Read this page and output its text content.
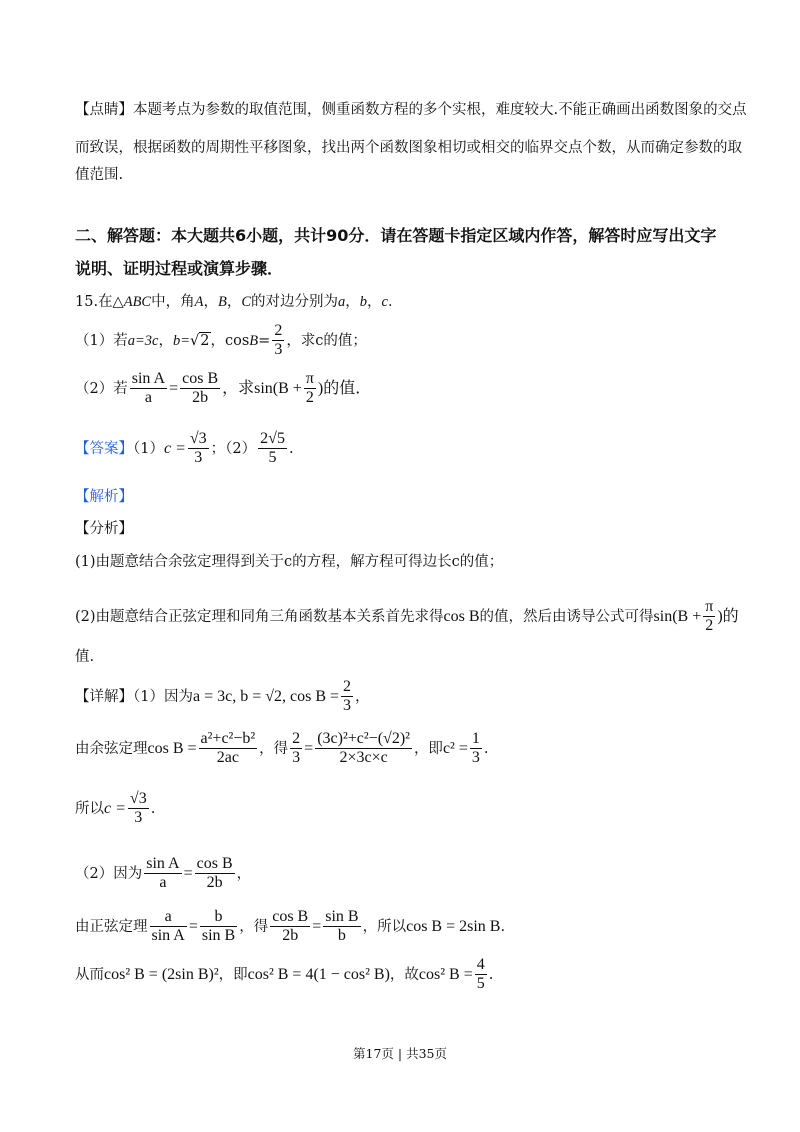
【点睛】本题考点为参数的取值范围，侧重函数方程的多个实根，难度较大.不能正确画出函数图象的交点
而致误，根据函数的周期性平移图象，找出两个函数图象相切或相交的临界交点个数，从而确定参数的取
值范围.
二、解答题：本大题共6小题，共计90分．请在答题卡指定区域内作答，解答时应写出文字
说明、证明过程或演算步骤．
15.在△ABC中，角A，B，C的对边分别为a，b，c．
（1）若a=3c，b=√2，$\cos B= \frac{2}{3}$ ，求c的值；
（2）若 $\frac{\text{sin A}}{a} = \frac{\text{cos B}}{2b}$ ，求$\sin(B + \frac{\pi}{2}$ )的值．
【答案】$(1)c = \frac{√3}{3}$ ；$(2) \frac{2√5}{5}$ .
【解析】
【分析】
(1)由题意结合余弦定理得到关于c的方程，解方程可得边长c的值；
(2)由题意结合正弦定理和同角三角函数基本关系首先求得cos B的值，然后由诱导公式可得$\sin(B + \frac{\pi}{2}$ )的
值.
【详解】（1）因为a = 3c, b = √2, $\cos B = \frac{2}{3}$ ，
由余弦定理$\cos B = \frac{\text{a²+c²−b²}}{2ac}$ ，得 $\frac{2}{3} = \frac{\text{(3c)²+c²−(√2)²}}{2\times 3c\times c}$ ，即$c^2 = \frac{1}{3}$ .
所以$c = \frac{√3}{3}$ .
（2）因为 $\frac{\text{sin A}}{a} = \frac{\text{cos B}}{2b}$ ，
由正弦定理 $\frac{a}{\text{sin A}} = \frac{b}{\text{sin B}}$ ，得 $\frac{\text{cos B}}{2b} = \frac{\text{sin B}}{b}$ ，所以cos B = 2sin B.
从而cos² B = (2sin B)²，即cos² B = 4(1 − cos² B)，故cos² $B = \frac{4}{5}$ .
第17页 | 共35页
